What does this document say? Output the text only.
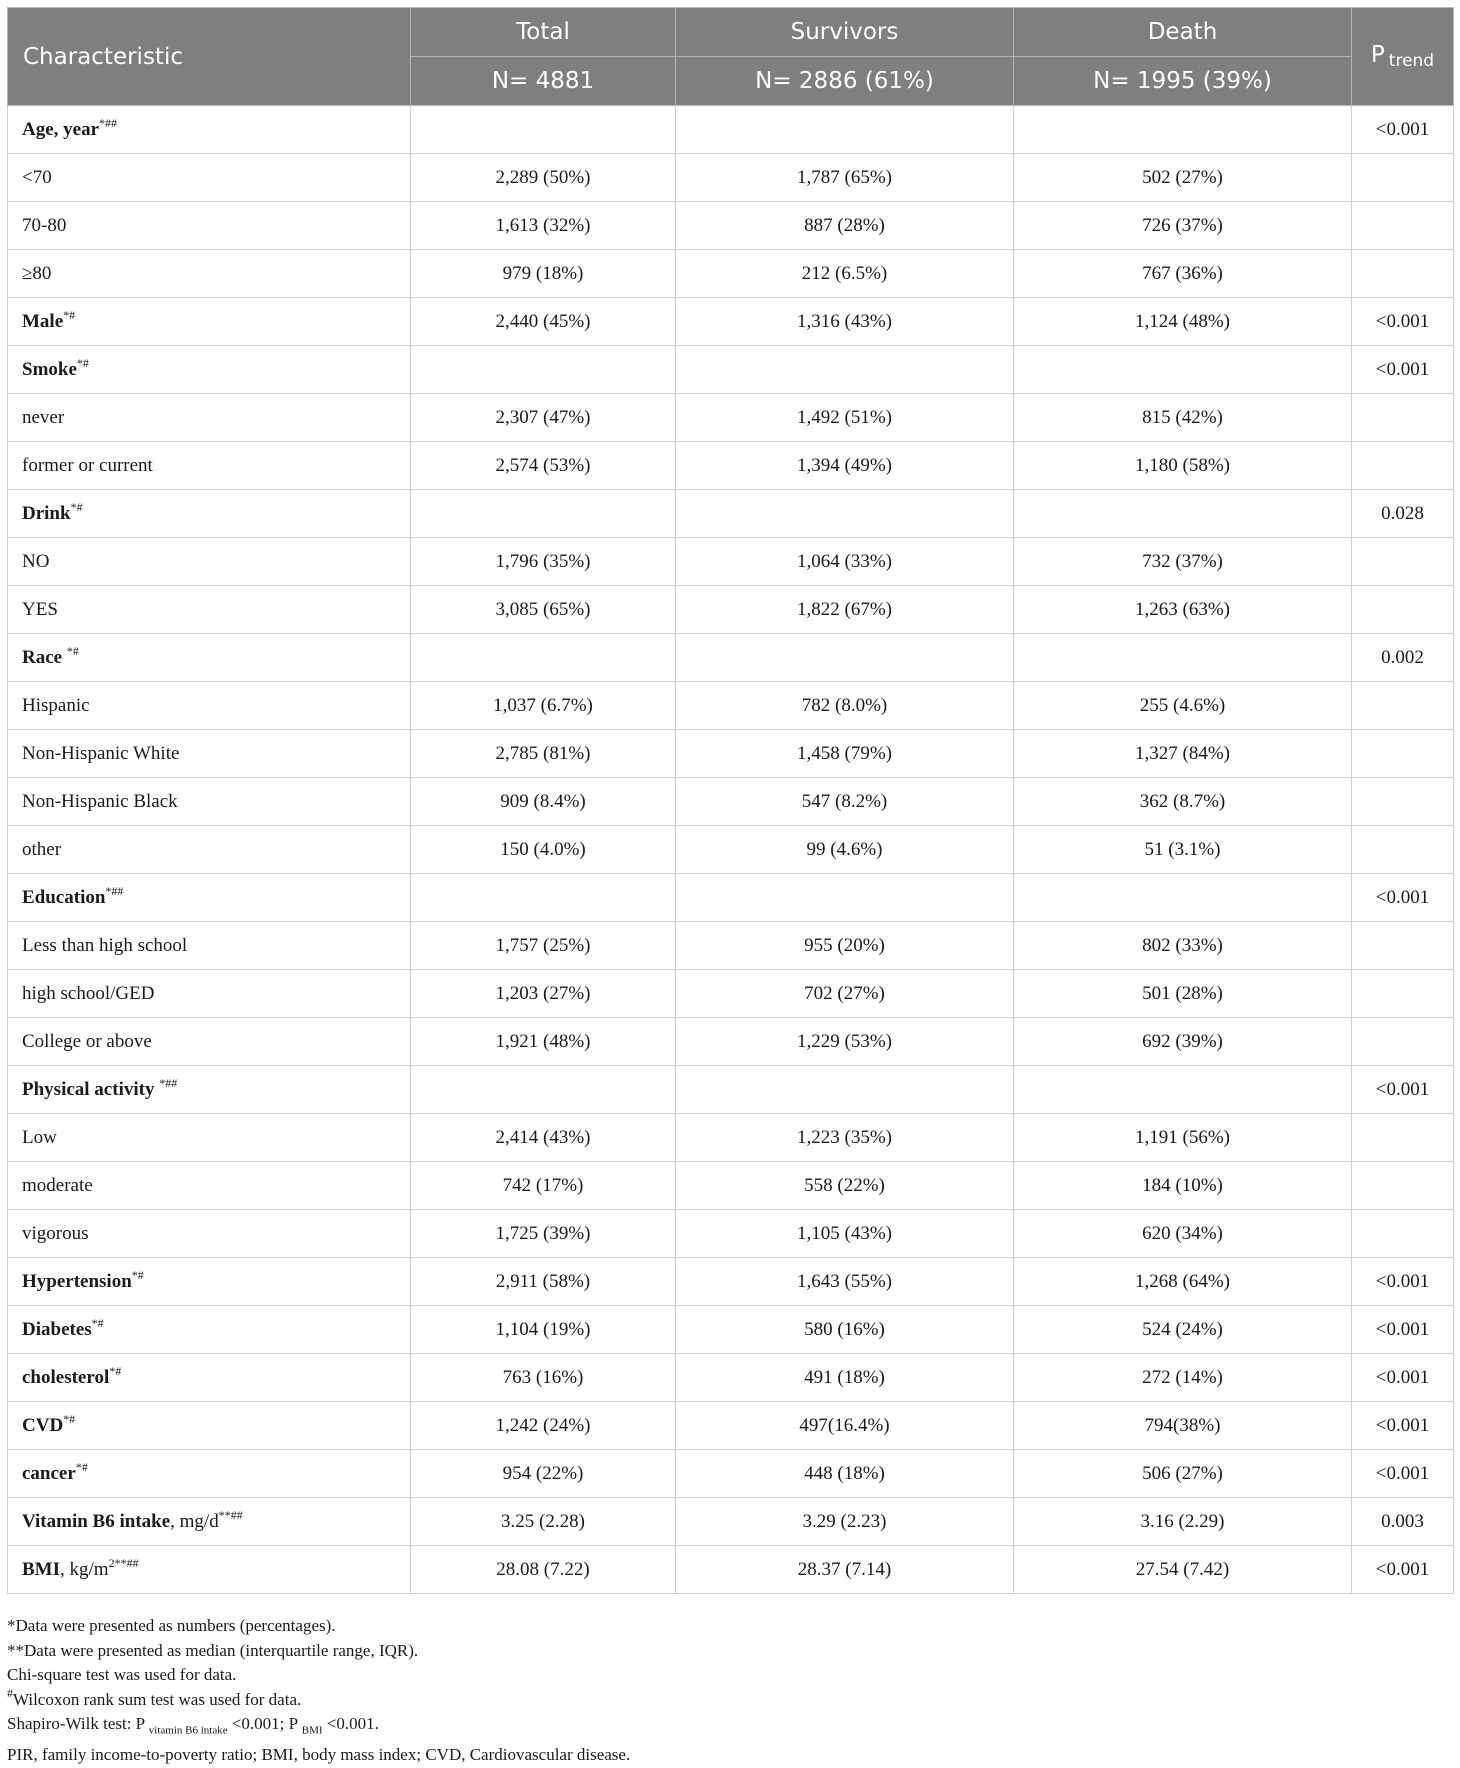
Characteristic	Total	Survivors	Death	P $_{trend}$
	N= 4881	N= 2886 (61%)	N= 1995 (39%)	
Age, year*##				<0.001
<70	2,289 (50%)	1,787 (65%)	502 (27%)	
70-80	1,613 (32%)	887 (28%)	726 (37%)	
≥80	979 (18%)	212 (6.5%)	767 (36%)	
Male*#	2,440 (45%)	1,316 (43%)	1,124 (48%)	<0.001
Smoke*#				<0.001
never	2,307 (47%)	1,492 (51%)	815 (42%)	
former or current	2,574 (53%)	1,394 (49%)	1,180 (58%)	
Drink*#				0.028
NO	1,796 (35%)	1,064 (33%)	732 (37%)	
YES	3,085 (65%)	1,822 (67%)	1,263 (63%)	
Race *#				0.002
Hispanic	1,037 (6.7%)	782 (8.0%)	255 (4.6%)	
Non-Hispanic White	2,785 (81%)	1,458 (79%)	1,327 (84%)	
Non-Hispanic Black	909 (8.4%)	547 (8.2%)	362 (8.7%)	
other	150 (4.0%)	99 (4.6%)	51 (3.1%)	
Education*##				<0.001
Less than high school	1,757 (25%)	955 (20%)	802 (33%)	
high school/GED	1,203 (27%)	702 (27%)	501 (28%)	
College or above	1,921 (48%)	1,229 (53%)	692 (39%)	
Physical activity *##				<0.001
Low	2,414 (43%)	1,223 (35%)	1,191 (56%)	
moderate	742 (17%)	558 (22%)	184 (10%)	
vigorous	1,725 (39%)	1,105 (43%)	620 (34%)	
Hypertension*#	2,911 (58%)	1,643 (55%)	1,268 (64%)	<0.001
Diabetes*#	1,104 (19%)	580 (16%)	524 (24%)	<0.001
cholesterol*#	763 (16%)	491 (18%)	272 (14%)	<0.001
CVD*#	1,242 (24%)	497(16.4%)	794(38%)	<0.001
cancer*#	954 (22%)	448 (18%)	506 (27%)	<0.001
Vitamin B6 intake, mg/d**##	3.25 (2.28)	3.29 (2.23)	3.16 (2.29)	0.003
BMI, $kg/m^{2**\#\#}$	28.08 (7.22)	28.37 (7.14)	27.54 (7.42)	<0.001
*Data were presented as numbers (percentages).
**Data were presented as median (interquartile range, IQR).
Chi-square test was used for data.
#Wilcoxon rank sum test was used for data.
Shapiro-Wilk test: P $_{vitamin B6 intake}$ <0.001; P $_{BMI}$ <0.001.
PIR, family income-to-poverty ratio; BMI, body mass index; CVD, Cardiovascular disease.
